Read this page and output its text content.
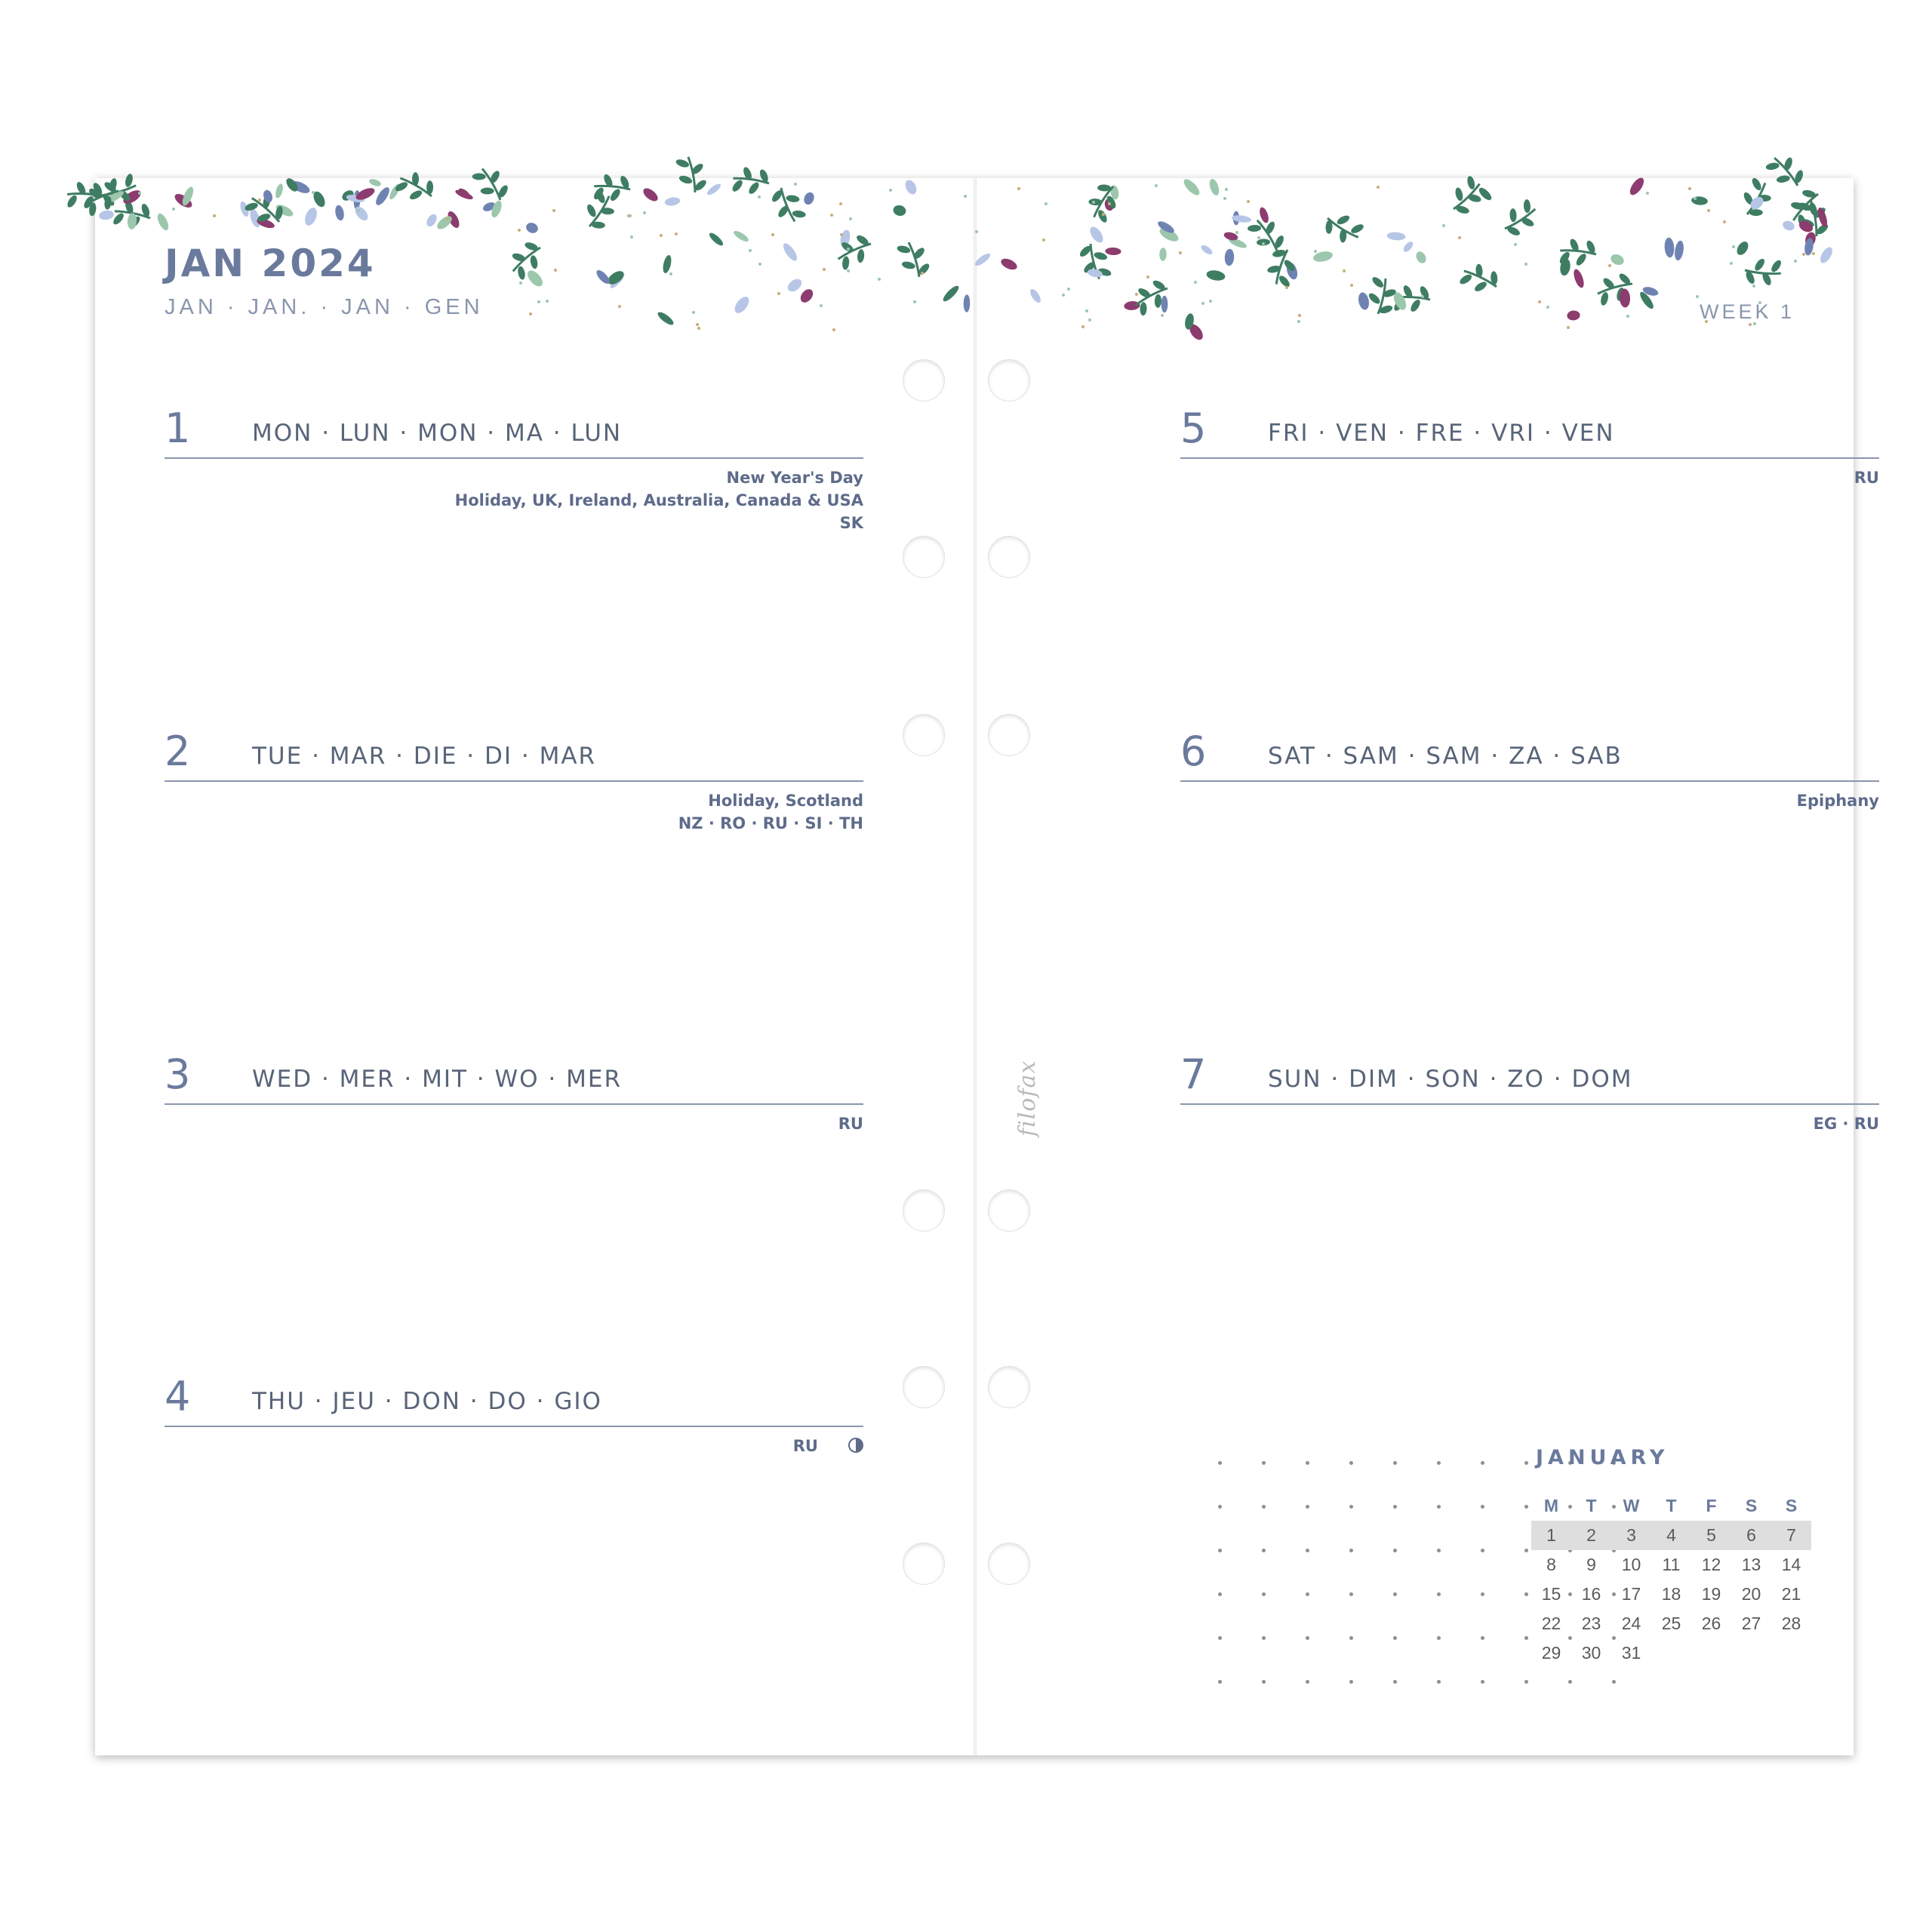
JAN 2024
JAN · JAN. · JAN · GEN
1	MON · LUN · MON · MA · LUN
New Year's Day
Holiday, UK, Ireland, Australia, Canada & USA
SK
2	TUE · MAR · DIE · DI · MAR
Holiday, Scotland
NZ · RO · RU · SI · TH
3	WED · MER · MIT · WO · MER
RU
4	THU · JEU · DON · DO · GIO
RU
WEEK 1
5	FRI · VEN · FRE · VRI · VEN
RU
6	SAT · SAM · SAM · ZA · SAB
Epiphany
7	SUN · DIM · SON · ZO · DOM
EG · RU
JANUARY
M	T	W	T	F	S	S
1	2	3	4	5	6	7
8	9	10	11	12	13	14
15	16	17	18	19	20	21
22	23	24	25	26	27	28
29	30	31
filofax
